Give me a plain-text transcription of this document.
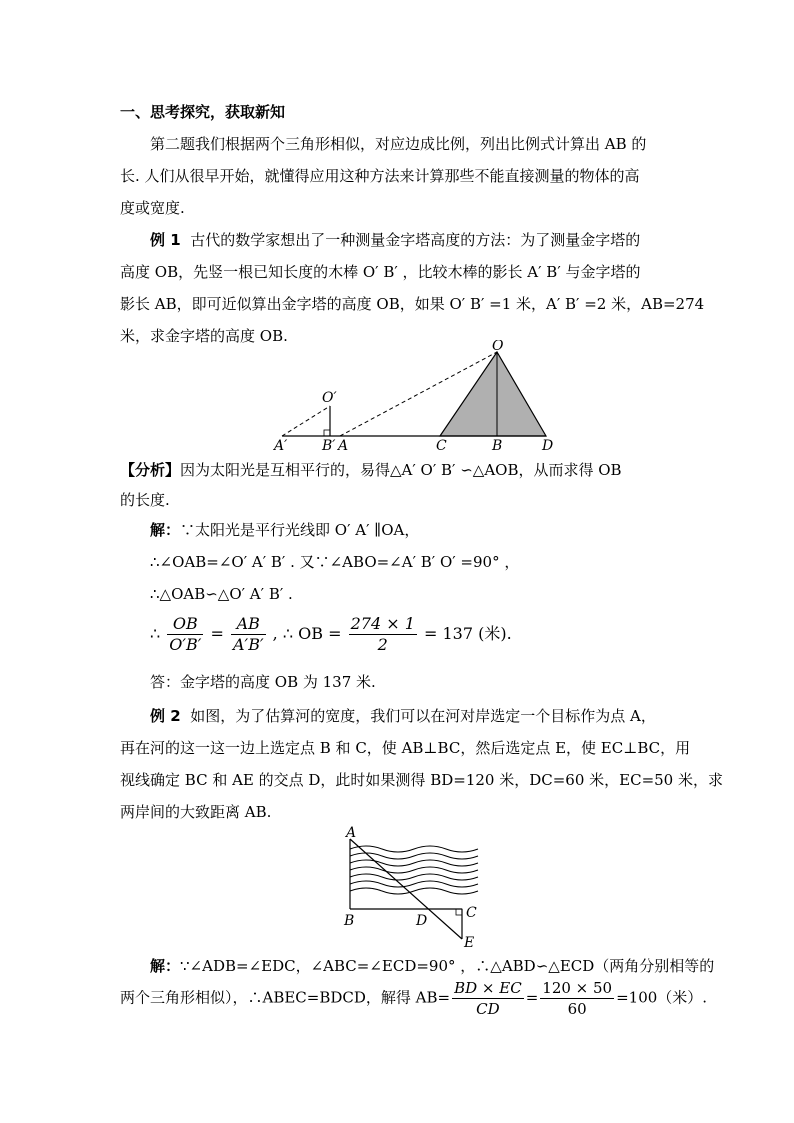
一、思考探究，获取新知

第二题我们根据两个三角形相似，对应边成比例，列出比例式计算出 AB 的

长. 人们从很早开始，就懂得应用这种方法来计算那些不能直接测量的物体的高

度或宽度.

例 1 古代的数学家想出了一种测量金字塔高度的方法：为了测量金字塔的

高度 OB，先竖一根已知长度的木棒 O′ B′ ，比较木棒的影长 A′ B′ 与金字塔的

影长 AB，即可近似算出金字塔的高度 OB，如果 O′ B′ =1 米，A′ B′ =2 米，AB=274

米，求金字塔的高度 OB.

O
O′
A′ B′ A	C	B	D

【分析】因为太阳光是互相平行的，易得△A′ O′ B′ ∽△AOB，从而求得 OB

的长度.

解：∵太阳光是平行光线即 O′ A′ ∥OA，

∴∠OAB=∠O′ A′ B′ . 又∵∠ABO=∠A′ B′ O′ =90° ，

∴△OAB∽△O′ A′ B′ .

∴ $\frac{OB}{O'B'} = \frac{AB}{A'B'}$ , ∴ OB = $\frac{274 \times 1}{2} = 137$ (米).

答：金字塔的高度 OB 为 137 米.

例 2 如图，为了估算河的宽度，我们可以在河对岸选定一个目标作为点 A，

再在河的这一这一边上选定点 B 和 C，使 AB⊥BC，然后选定点 E，使 EC⊥BC，用

视线确定 BC 和 AE 的交点 D，此时如果测得 BD=120 米，DC=60 米，EC=50 米，求

两岸间的大致距离 AB.

A
B	D	C
E

解：∵∠ADB=∠EDC，∠ABC=∠ECD=90° ，∴△ABD∽△ECD（两角分别相等的

两个三角形相似），∴ABEC=BDCD，解得 $AB= \frac{BD \times EC}{CD} = \frac{120 \times 50}{60} =100$（米）.
